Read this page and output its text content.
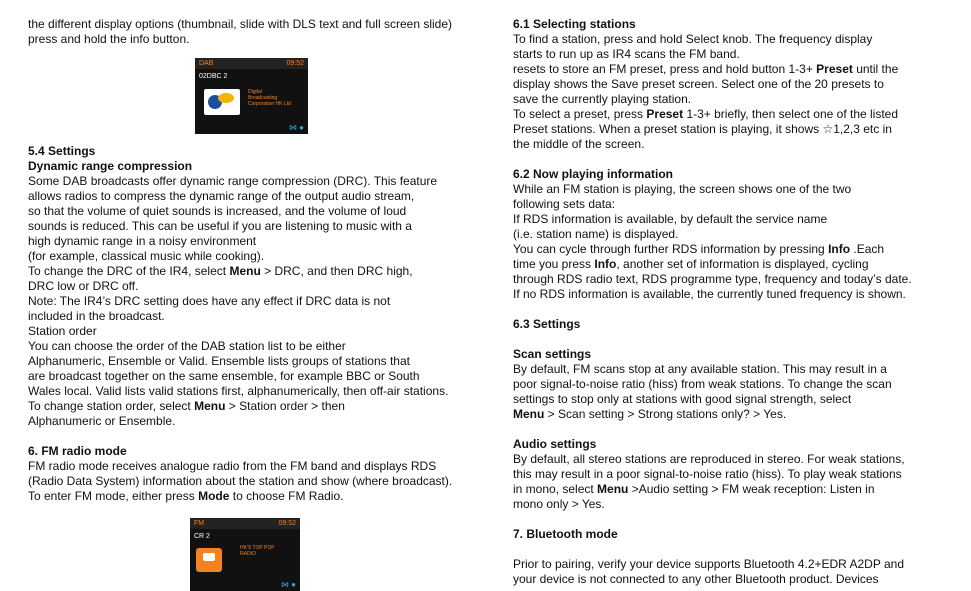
the different display options (thumbnail, slide with DLS text and full screen slide)

press and hold the info button.

DAB	09:52
02DBC 2
Digital
Broadcasting
Corporation HK Ltd
⋈ ●

5.4 Settings

Dynamic range compression

Some DAB broadcasts offer dynamic range compression (DRC). This feature

allows radios to compress the dynamic range of the output audio stream,

so that the volume of quiet sounds is increased, and the volume of loud

sounds is reduced. This can be useful if you are listening to music with a

high dynamic range in a noisy environment

(for example, classical music while cooking).

To change the DRC of the IR4, select Menu > DRC, and then DRC high,

DRC low or DRC off.

Note: The IR4’s DRC setting does have any effect if DRC data is not

included in the broadcast.

Station order

You can choose the order of the DAB station list to be either

Alphanumeric, Ensemble or Valid. Ensemble lists groups of stations that

are broadcast together on the same ensemble, for example BBC or South

Wales local. Valid lists valid stations first, alphanumerically, then off-air stations.

To change station order, select Menu > Station order > then

Alphanumeric or Ensemble.

6. FM radio mode

FM radio mode receives analogue radio from the FM band and displays RDS

(Radio Data System) information about the station and show (where broadcast).

To enter FM mode, either press Mode to choose FM Radio.

FM	09:52
CR 2
HK'S TOP POP
RADIO
⋈ ●

6.1 Selecting stations

To find a station, press and hold Select knob. The frequency display

starts to run up as IR4 scans the FM band.

resets to store an FM preset, press and hold button 1-3+ Preset until the

display shows the Save preset screen. Select one of the 20 presets to

save the currently playing station.

To select a preset, press Preset 1-3+ briefly, then select one of the listed

Preset stations. When a preset station is playing, it shows ☆1,2,3 etc in

the middle of the screen.

6.2 Now playing information

While an FM station is playing, the screen shows one of the two

following sets data:

If RDS information is available, by default the service name

(i.e. station name) is displayed.

You can cycle through further RDS information by pressing Info .Each

time you press Info, another set of information is displayed, cycling

through RDS radio text, RDS programme type, frequency and today’s date.

If no RDS information is available, the currently tuned frequency is shown.

6.3 Settings

Scan settings

By default, FM scans stop at any available station. This may result in a

poor signal-to-noise ratio (hiss) from weak stations. To change the scan

settings to stop only at stations with good signal strength, select

Menu > Scan setting > Strong stations only? > Yes.

Audio settings

By default, all stereo stations are reproduced in stereo. For weak stations,

this may result in a poor signal-to-noise ratio (hiss). To play weak stations

in mono, select Menu >Audio setting > FM weak reception: Listen in

mono only > Yes.

7. Bluetooth mode

Prior to pairing, verify your device supports Bluetooth 4.2+EDR A2DP and

your device is not connected to any other Bluetooth product. Devices
